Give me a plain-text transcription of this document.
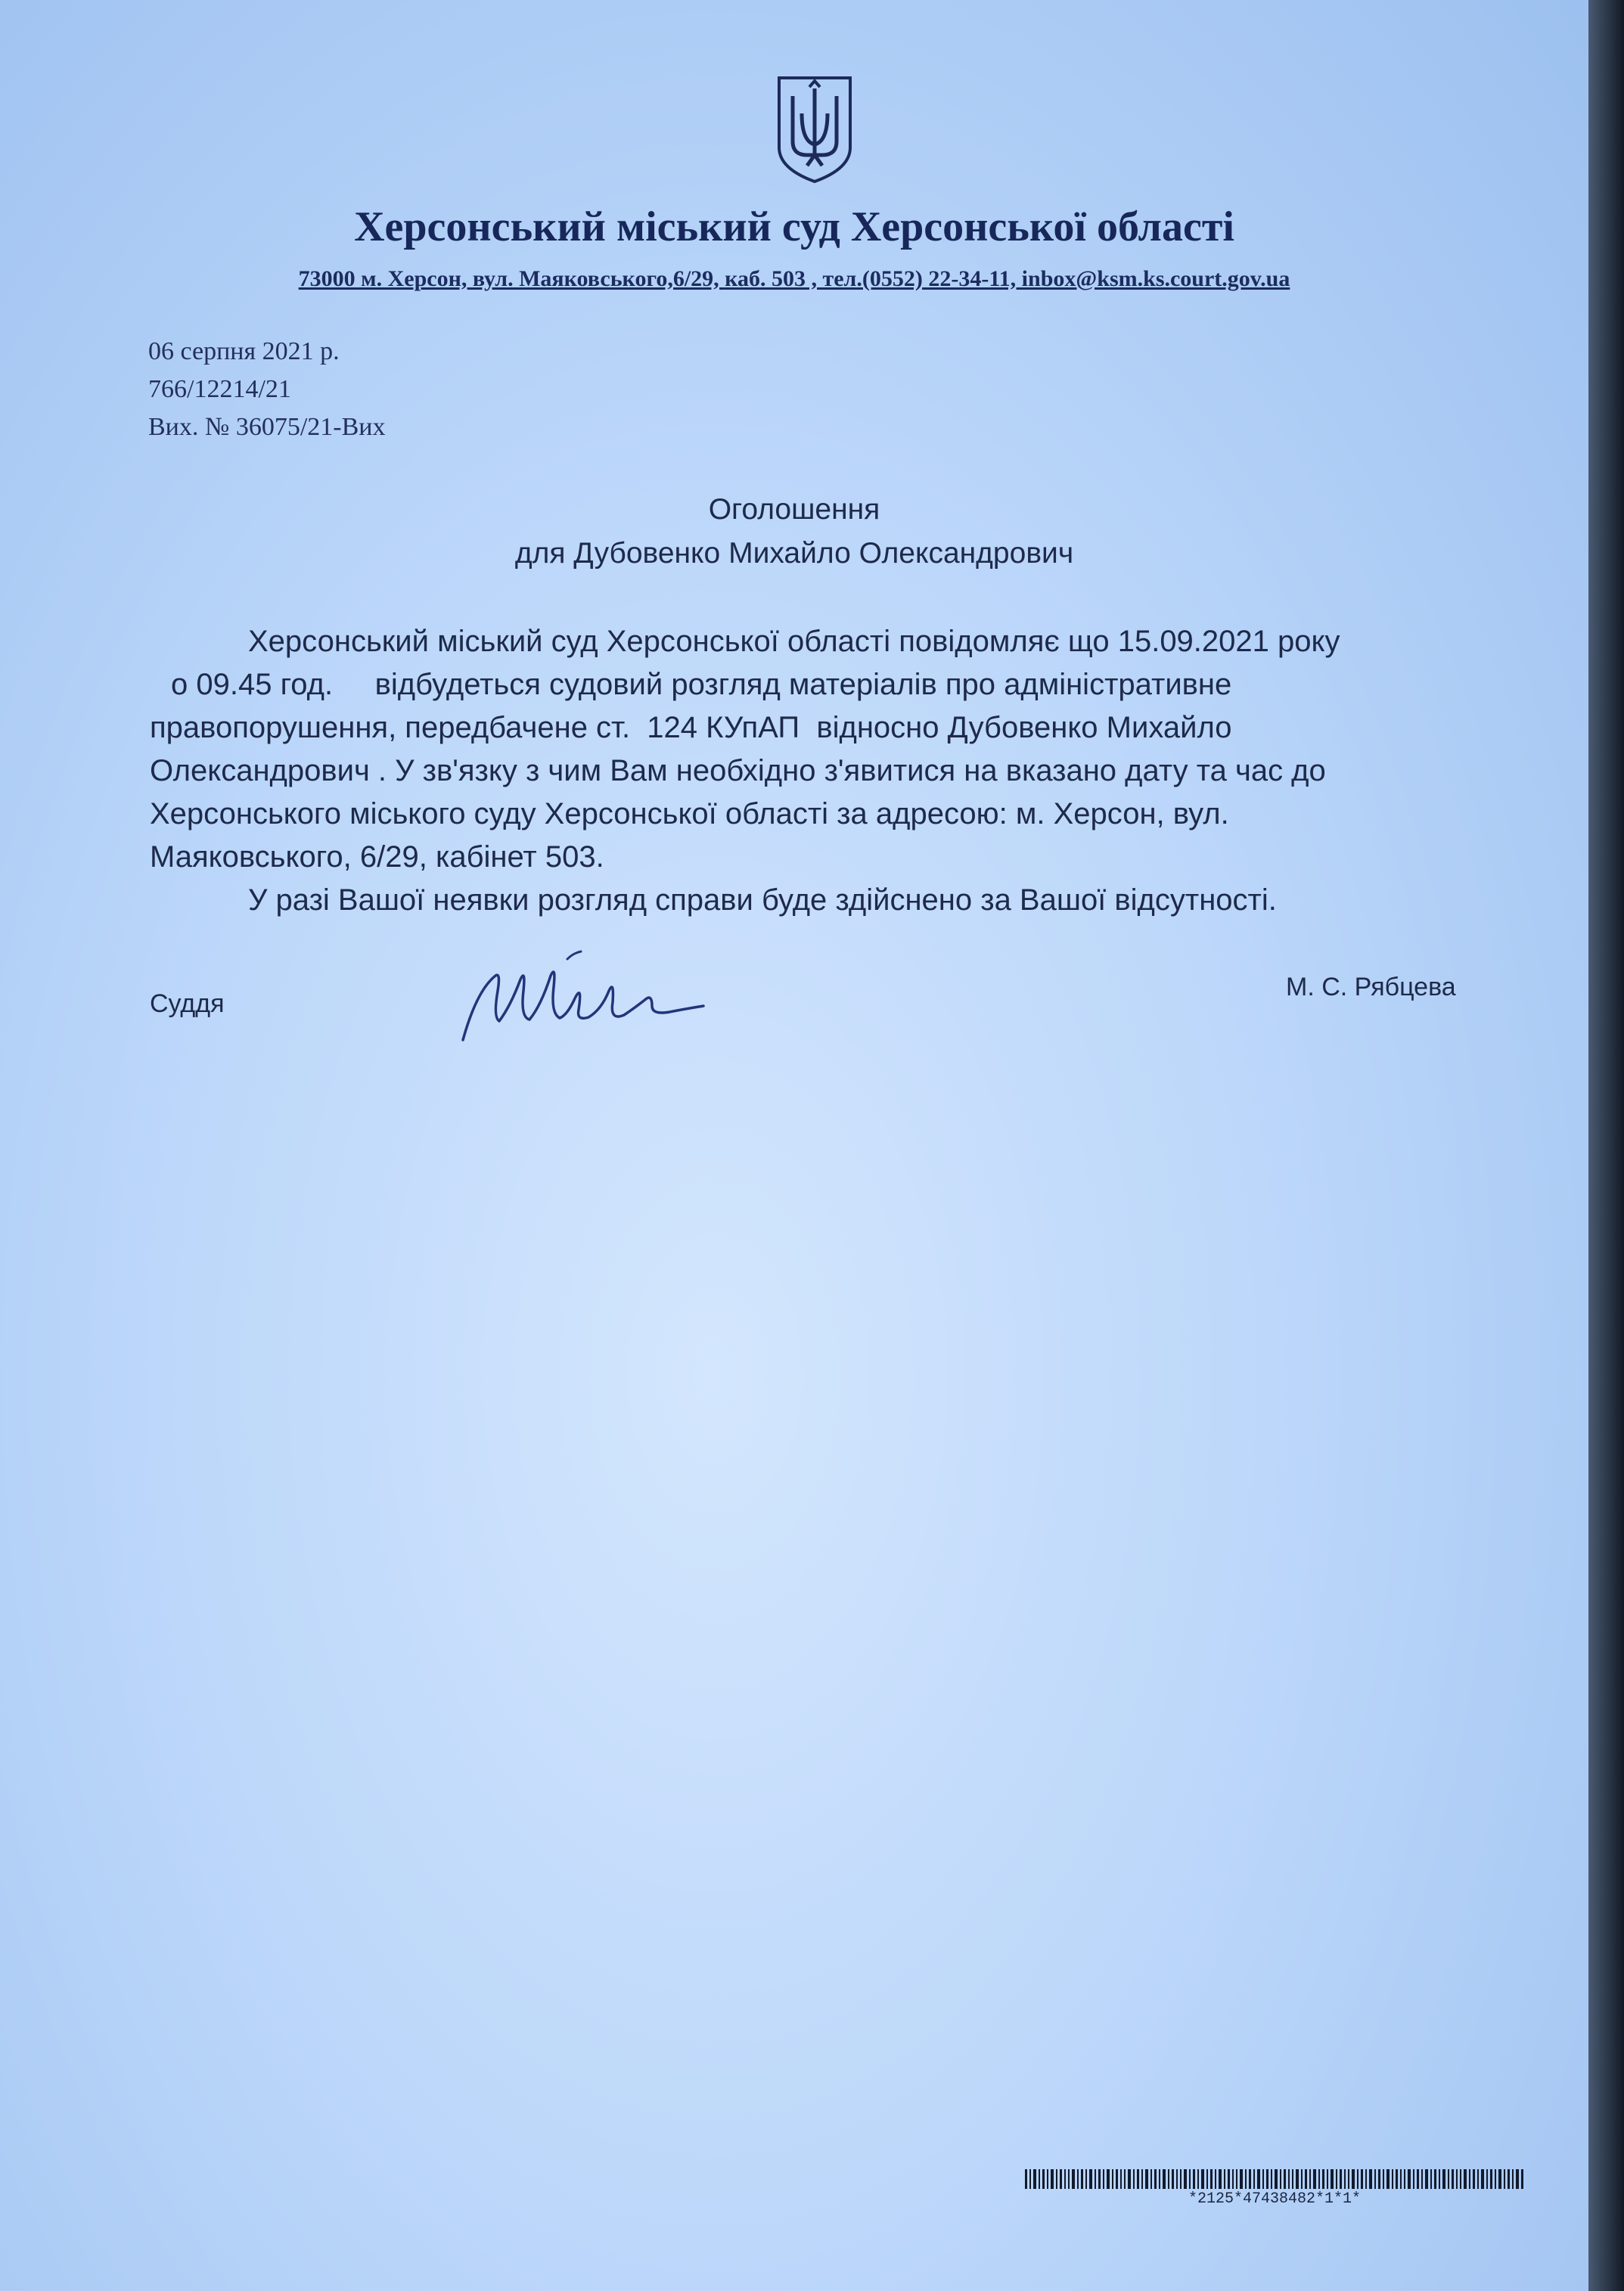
Херсонський міський суд Херсонської області
73000 м. Херсон, вул. Маяковського,6/29, каб. 503 , тел.(0552) 22-34-11, inbox@ksm.ks.court.gov.ua
06 серпня 2021 р.
766/12214/21
Вих. № 36075/21-Вих
Оголошення
для Дубовенко Михайло Олександрович
Херсонський міський суд Херсонської області повідомляє що 15.09.2021 року
о 09.45 год.     відбудеться судовий розгляд матеріалів про адміністративне
правопорушення, передбачене ст.  124 КУпАП  відносно Дубовенко Михайло
Олександрович . У зв'язку з чим Вам необхідно з'явитися на вказано дату та час до
Херсонського міського суду Херсонської області за адресою: м. Херсон, вул.
Маяковського, 6/29, кабінет 503.
У разі Вашої неявки розгляд справи буде здійснено за Вашої відсутності.
Суддя
М. С. Рябцева
*2125*47438482*1*1*
